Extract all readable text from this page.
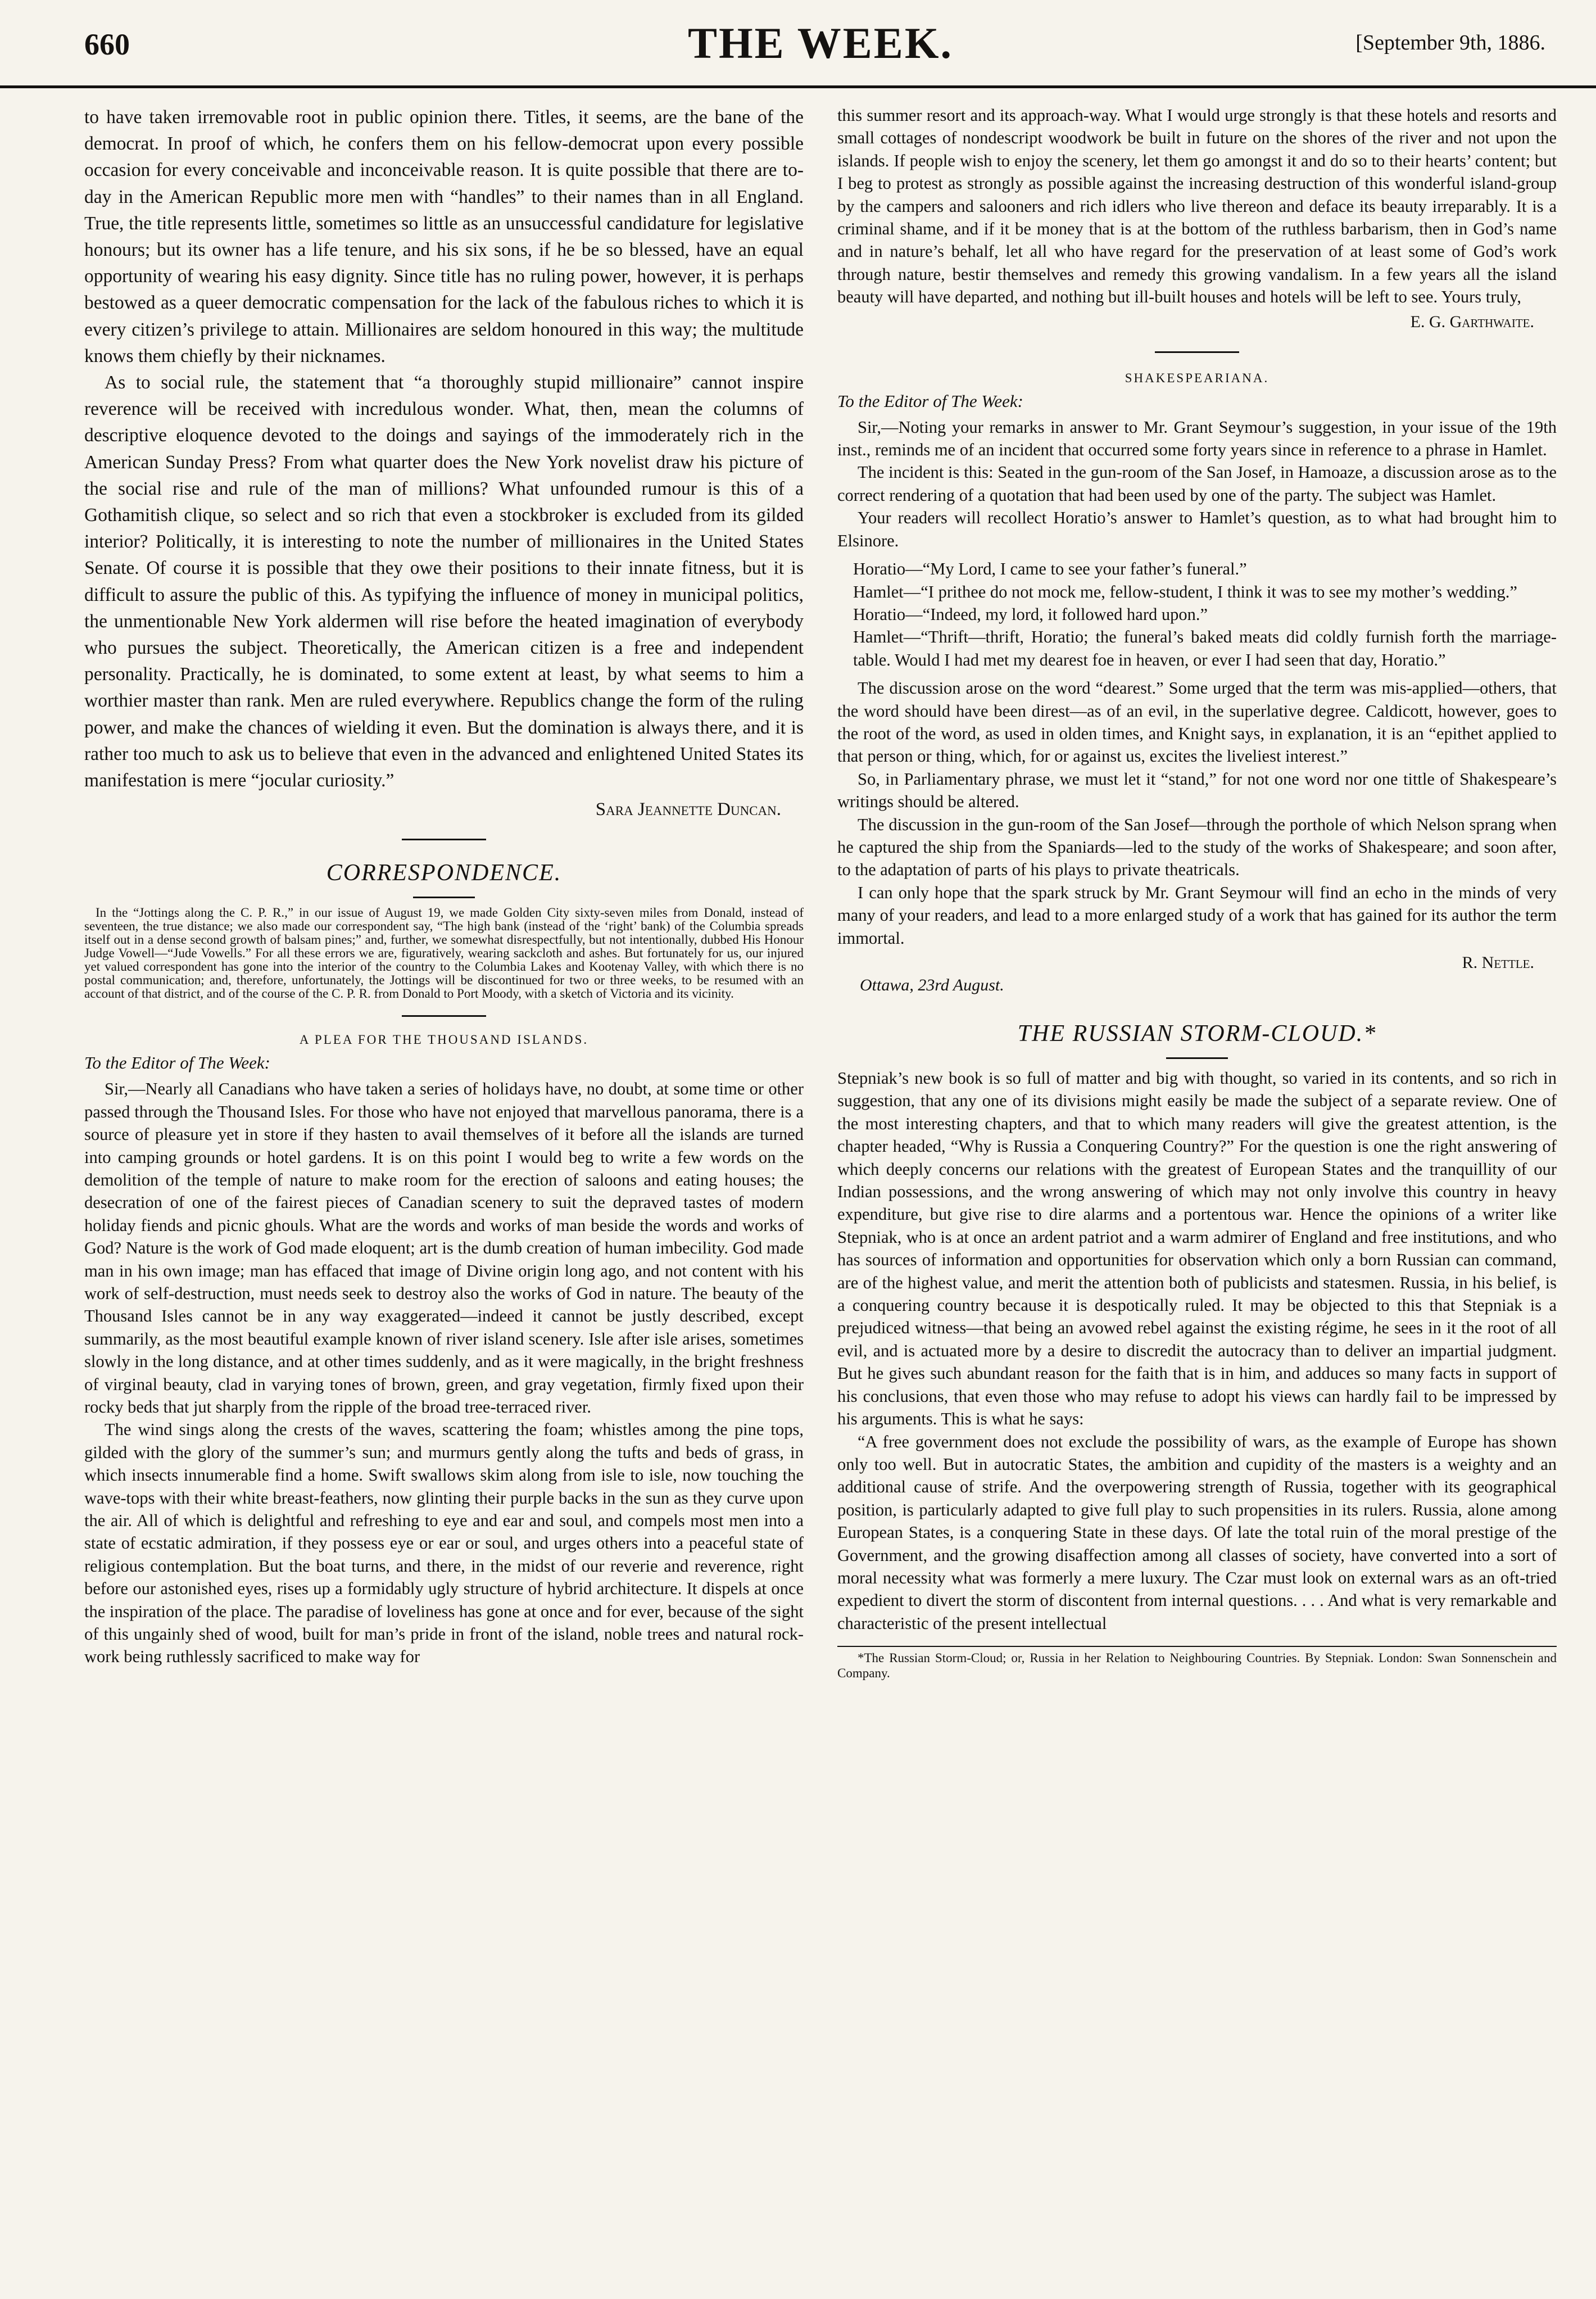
660	THE WEEK.	[September 9th, 1886.

to have taken irremovable root in public opinion there. Titles, it seems, are the bane of the democrat. In proof of which, he confers them on his fellow-democrat upon every possible occasion for every conceivable and inconceivable reason. It is quite possible that there are to-day in the American Republic more men with “handles” to their names than in all England. True, the title represents little, sometimes so little as an unsuccessful candidature for legislative honours; but its owner has a life tenure, and his six sons, if he be so blessed, have an equal opportunity of wearing his easy dignity. Since title has no ruling power, however, it is perhaps bestowed as a queer democratic compensation for the lack of the fabulous riches to which it is every citizen’s privilege to attain. Millionaires are seldom honoured in this way; the multitude knows them chiefly by their nicknames.

As to social rule, the statement that “a thoroughly stupid millionaire” cannot inspire reverence will be received with incredulous wonder. What, then, mean the columns of descriptive eloquence devoted to the doings and sayings of the immoderately rich in the American Sunday Press? From what quarter does the New York novelist draw his picture of the social rise and rule of the man of millions? What unfounded rumour is this of a Gothamitish clique, so select and so rich that even a stockbroker is excluded from its gilded interior? Politically, it is interesting to note the number of millionaires in the United States Senate. Of course it is possible that they owe their positions to their innate fitness, but it is difficult to assure the public of this. As typifying the influence of money in municipal politics, the unmentionable New York aldermen will rise before the heated imagination of everybody who pursues the subject. Theoretically, the American citizen is a free and independent personality. Practically, he is dominated, to some extent at least, by what seems to him a worthier master than rank. Men are ruled everywhere. Republics change the form of the ruling power, and make the chances of wielding it even. But the domination is always there, and it is rather too much to ask us to believe that even in the advanced and enlightened United States its manifestation is mere “jocular curiosity.”

Sara Jeannette Duncan.
CORRESPONDENCE.

In the “Jottings along the C. P. R.,” in our issue of August 19, we made Golden City sixty-seven miles from Donald, instead of seventeen, the true distance; we also made our correspondent say, “The high bank (instead of the ‘right’ bank) of the Columbia spreads itself out in a dense second growth of balsam pines;” and, further, we somewhat disrespectfully, but not intentionally, dubbed His Honour Judge Vowell—“Jude Vowells.” For all these errors we are, figuratively, wearing sackcloth and ashes. But fortunately for us, our injured yet valued correspondent has gone into the interior of the country to the Columbia Lakes and Kootenay Valley, with which there is no postal communication; and, therefore, unfortunately, the Jottings will be discontinued for two or three weeks, to be resumed with an account of that district, and of the course of the C. P. R. from Donald to Port Moody, with a sketch of Victoria and its vicinity.

A PLEA FOR THE THOUSAND ISLANDS.
To the Editor of The Week:

Sir,—Nearly all Canadians who have taken a series of holidays have, no doubt, at some time or other passed through the Thousand Isles. For those who have not enjoyed that marvellous panorama, there is a source of pleasure yet in store if they hasten to avail themselves of it before all the islands are turned into camping grounds or hotel gardens. It is on this point I would beg to write a few words on the demolition of the temple of nature to make room for the erection of saloons and eating houses; the desecration of one of the fairest pieces of Canadian scenery to suit the depraved tastes of modern holiday fiends and picnic ghouls. What are the words and works of man beside the words and works of God? Nature is the work of God made eloquent; art is the dumb creation of human imbecility. God made man in his own image; man has effaced that image of Divine origin long ago, and not content with his work of self-destruction, must needs seek to destroy also the works of God in nature. The beauty of the Thousand Isles cannot be in any way exaggerated—indeed it cannot be justly described, except summarily, as the most beautiful example known of river island scenery. Isle after isle arises, sometimes slowly in the long distance, and at other times suddenly, and as it were magically, in the bright freshness of virginal beauty, clad in varying tones of brown, green, and gray vegetation, firmly fixed upon their rocky beds that jut sharply from the ripple of the broad tree-terraced river.

The wind sings along the crests of the waves, scattering the foam; whistles among the pine tops, gilded with the glory of the summer’s sun; and murmurs gently along the tufts and beds of grass, in which insects innumerable find a home. Swift swallows skim along from isle to isle, now touching the wave-tops with their white breast-feathers, now glinting their purple backs in the sun as they curve upon the air. All of which is delightful and refreshing to eye and ear and soul, and compels most men into a state of ecstatic admiration, if they possess eye or ear or soul, and urges others into a peaceful state of religious contemplation. But the boat turns, and there, in the midst of our reverie and reverence, right before our astonished eyes, rises up a formidably ugly structure of hybrid architecture. It dispels at once the inspiration of the place. The paradise of loveliness has gone at once and for ever, because of the sight of this ungainly shed of wood, built for man’s pride in front of the island, noble trees and natural rock-work being ruthlessly sacrificed to make way for

this summer resort and its approach-way. What I would urge strongly is that these hotels and resorts and small cottages of nondescript woodwork be built in future on the shores of the river and not upon the islands. If people wish to enjoy the scenery, let them go amongst it and do so to their hearts’ content; but I beg to protest as strongly as possible against the increasing destruction of this wonderful island-group by the campers and salooners and rich idlers who live thereon and deface its beauty irreparably. It is a criminal shame, and if it be money that is at the bottom of the ruthless barbarism, then in God’s name and in nature’s behalf, let all who have regard for the preservation of at least some of God’s work through nature, bestir themselves and remedy this growing vandalism. In a few years all the island beauty will have departed, and nothing but ill-built houses and hotels will be left to see. Yours truly,

E. G. Garthwaite.
SHAKESPEARIANA.
To the Editor of The Week:

Sir,—Noting your remarks in answer to Mr. Grant Seymour’s suggestion, in your issue of the 19th inst., reminds me of an incident that occurred some forty years since in reference to a phrase in Hamlet.

The incident is this: Seated in the gun-room of the San Josef, in Hamoaze, a discussion arose as to the correct rendering of a quotation that had been used by one of the party. The subject was Hamlet.

Your readers will recollect Horatio’s answer to Hamlet’s question, as to what had brought him to Elsinore.

Horatio—“My Lord, I came to see your father’s funeral.”

Hamlet—“I prithee do not mock me, fellow-student, I think it was to see my mother’s wedding.”

Horatio—“Indeed, my lord, it followed hard upon.”

Hamlet—“Thrift—thrift, Horatio; the funeral’s baked meats did coldly furnish forth the marriage-table. Would I had met my dearest foe in heaven, or ever I had seen that day, Horatio.”

The discussion arose on the word “dearest.” Some urged that the term was mis-applied—others, that the word should have been direst—as of an evil, in the superlative degree. Caldicott, however, goes to the root of the word, as used in olden times, and Knight says, in explanation, it is an “epithet applied to that person or thing, which, for or against us, excites the liveliest interest.”

So, in Parliamentary phrase, we must let it “stand,” for not one word nor one tittle of Shakespeare’s writings should be altered.

The discussion in the gun-room of the San Josef—through the porthole of which Nelson sprang when he captured the ship from the Spaniards—led to the study of the works of Shakespeare; and soon after, to the adaptation of parts of his plays to private theatricals.

I can only hope that the spark struck by Mr. Grant Seymour will find an echo in the minds of very many of your readers, and lead to a more enlarged study of a work that has gained for its author the term immortal.

R. Nettle.
Ottawa, 23rd August.
THE RUSSIAN STORM-CLOUD.*

Stepniak’s new book is so full of matter and big with thought, so varied in its contents, and so rich in suggestion, that any one of its divisions might easily be made the subject of a separate review. One of the most interesting chapters, and that to which many readers will give the greatest attention, is the chapter headed, “Why is Russia a Conquering Country?” For the question is one the right answering of which deeply concerns our relations with the greatest of European States and the tranquillity of our Indian possessions, and the wrong answering of which may not only involve this country in heavy expenditure, but give rise to dire alarms and a portentous war. Hence the opinions of a writer like Stepniak, who is at once an ardent patriot and a warm admirer of England and free institutions, and who has sources of information and opportunities for observation which only a born Russian can command, are of the highest value, and merit the attention both of publicists and statesmen. Russia, in his belief, is a conquering country because it is despotically ruled. It may be objected to this that Stepniak is a prejudiced witness—that being an avowed rebel against the existing régime, he sees in it the root of all evil, and is actuated more by a desire to discredit the autocracy than to deliver an impartial judgment. But he gives such abundant reason for the faith that is in him, and adduces so many facts in support of his conclusions, that even those who may refuse to adopt his views can hardly fail to be impressed by his arguments. This is what he says:

“A free government does not exclude the possibility of wars, as the example of Europe has shown only too well. But in autocratic States, the ambition and cupidity of the masters is a weighty and an additional cause of strife. And the overpowering strength of Russia, together with its geographical position, is particularly adapted to give full play to such propensities in its rulers. Russia, alone among European States, is a conquering State in these days. Of late the total ruin of the moral prestige of the Government, and the growing disaffection among all classes of society, have converted into a sort of moral necessity what was formerly a mere luxury. The Czar must look on external wars as an oft-tried expedient to divert the storm of discontent from internal questions. . . . And what is very remarkable and characteristic of the present intellectual

*The Russian Storm-Cloud; or, Russia in her Relation to Neighbouring Countries. By Stepniak. London: Swan Sonnenschein and Company.
